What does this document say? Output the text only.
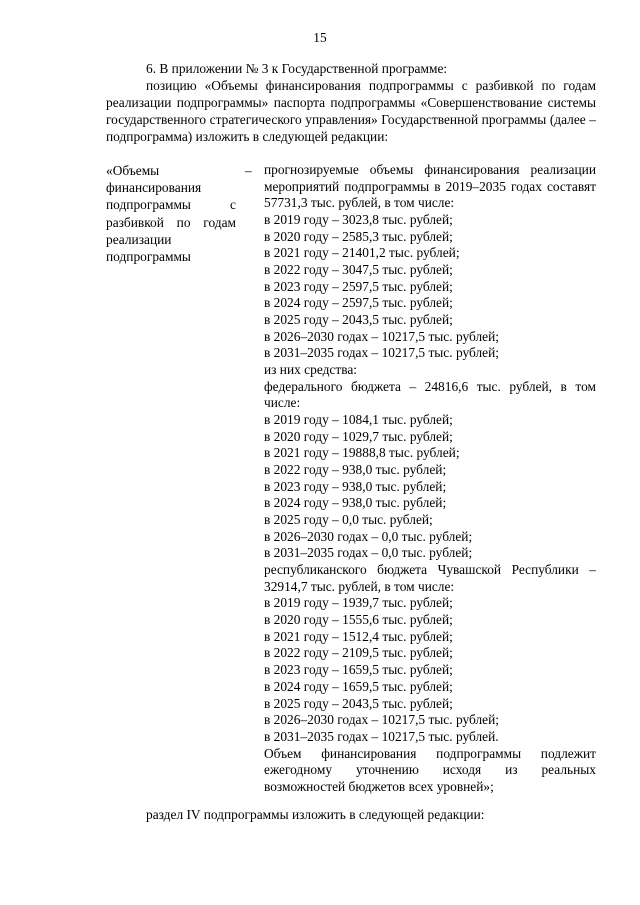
15
6. В приложении № 3 к Государственной программе:
позицию «Объемы финансирования подпрограммы с разбивкой по годам реализации подпрограммы» паспорта подпрограммы «Совершенствование системы государственного стратегического управления» Государственной программы (далее – подпрограмма) изложить в следующей редакции:
«Объемы финансирования подпрограммы с разбивкой по годам реализации подпрограммы
– прогнозируемые объемы финансирования реализации мероприятий подпрограммы в 2019–2035 годах составят 57731,3 тыс. рублей, в том числе:
в 2019 году – 3023,8 тыс. рублей;
в 2020 году – 2585,3 тыс. рублей;
в 2021 году – 21401,2 тыс. рублей;
в 2022 году – 3047,5 тыс. рублей;
в 2023 году – 2597,5 тыс. рублей;
в 2024 году – 2597,5 тыс. рублей;
в 2025 году – 2043,5 тыс. рублей;
в 2026–2030 годах – 10217,5 тыс. рублей;
в 2031–2035 годах – 10217,5 тыс. рублей;
из них средства:
федерального бюджета – 24816,6 тыс. рублей, в том числе:
в 2019 году – 1084,1 тыс. рублей;
в 2020 году – 1029,7 тыс. рублей;
в 2021 году – 19888,8 тыс. рублей;
в 2022 году – 938,0 тыс. рублей;
в 2023 году – 938,0 тыс. рублей;
в 2024 году – 938,0 тыс. рублей;
в 2025 году – 0,0 тыс. рублей;
в 2026–2030 годах – 0,0 тыс. рублей;
в 2031–2035 годах – 0,0 тыс. рублей;
республиканского бюджета Чувашской Республики – 32914,7 тыс. рублей, в том числе:
в 2019 году – 1939,7 тыс. рублей;
в 2020 году – 1555,6 тыс. рублей;
в 2021 году – 1512,4 тыс. рублей;
в 2022 году – 2109,5 тыс. рублей;
в 2023 году – 1659,5 тыс. рублей;
в 2024 году – 1659,5 тыс. рублей;
в 2025 году – 2043,5 тыс. рублей;
в 2026–2030 годах – 10217,5 тыс. рублей;
в 2031–2035 годах – 10217,5 тыс. рублей.
Объем финансирования подпрограммы подлежит ежегодному уточнению исходя из реальных возможностей бюджетов всех уровней»;
раздел IV подпрограммы изложить в следующей редакции:
